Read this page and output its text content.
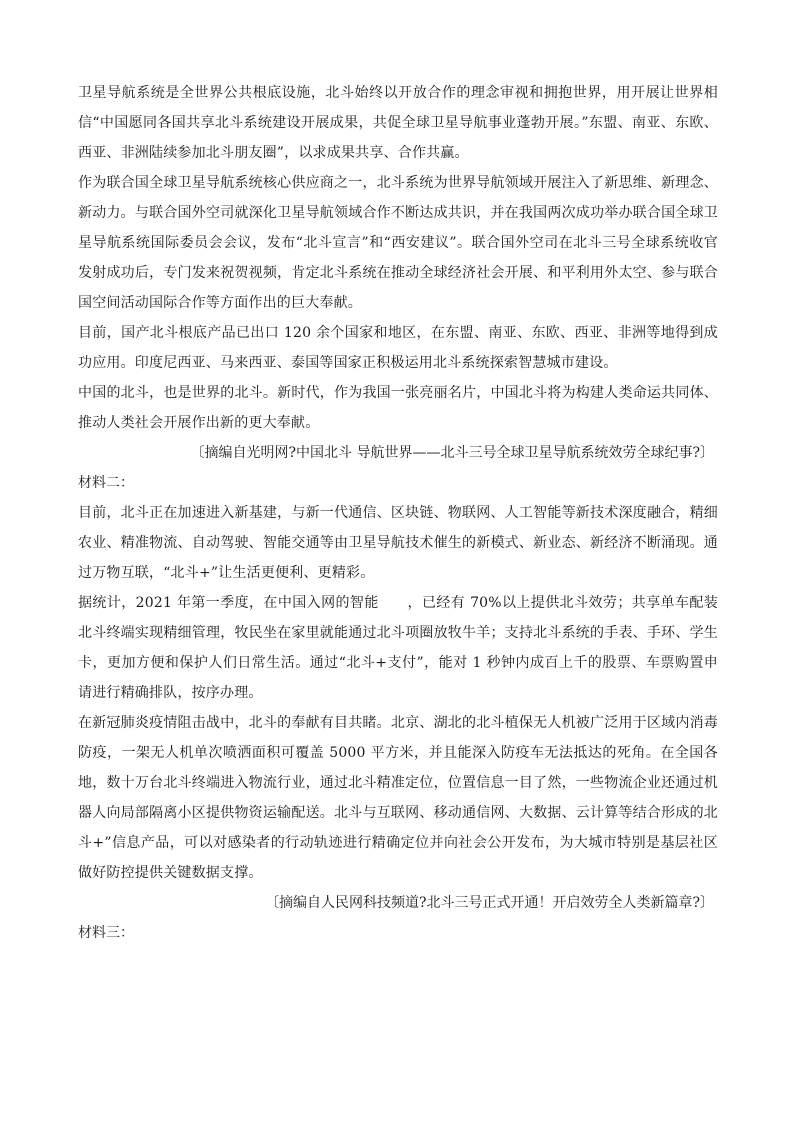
卫星导航系统是全世界公共根底设施，北斗始终以开放合作的理念审视和拥抱世界，用开展让世界相信“中国愿同各国共享北斗系统建设开展成果，共促全球卫星导航事业蓬勃开展。”东盟、南亚、东欧、西亚、非洲陆续参加北斗朋友圈”，以求成果共享、合作共赢。

作为联合国全球卫星导航系统核心供应商之一，北斗系统为世界导航领域开展注入了新思维、新理念、新动力。与联合国外空司就深化卫星导航领域合作不断达成共识，并在我国两次成功举办联合国全球卫星导航系统国际委员会会议，发布“北斗宣言”和“西安建议”。联合国外空司在北斗三号全球系统收官发射成功后，专门发来祝贺视频，肯定北斗系统在推动全球经济社会开展、和平利用外太空、参与联合国空间活动国际合作等方面作出的巨大奉献。

目前，国产北斗根底产品已出口 120 余个国家和地区，在东盟、南亚、东欧、西亚、非洲等地得到成功应用。印度尼西亚、马来西亚、泰国等国家正积极运用北斗系统探索智慧城市建设。

中国的北斗，也是世界的北斗。新时代，作为我国一张亮丽名片，中国北斗将为构建人类命运共同体、推动人类社会开展作出新的更大奉献。

〔摘编自光明网?中国北斗 导航世界——北斗三号全球卫星导航系统效劳全球纪事?〕

材料二：

目前，北斗正在加速进入新基建，与新一代通信、区块链、物联网、人工智能等新技术深度融合，精细农业、精准物流、自动驾驶、智能交通等由卫星导航技术催生的新模式、新业态、新经济不断涌现。通过万物互联，“北斗+”让生活更便利、更精彩。

据统计，2021 年第一季度，在中国入网的智能　　，已经有 70%以上提供北斗效劳；共享单车配装北斗终端实现精细管理，牧民坐在家里就能通过北斗项圈放牧牛羊；支持北斗系统的手表、手环、学生卡，更加方便和保护人们日常生活。通过“北斗+支付”，能对 1 秒钟内成百上千的股票、车票购置申请进行精确排队，按序办理。

在新冠肺炎疫情阻击战中，北斗的奉献有目共睹。北京、湖北的北斗植保无人机被广泛用于区域内消毒防疫，一架无人机单次喷洒面积可覆盖 5000 平方米，并且能深入防疫车无法抵达的死角。在全国各地，数十万台北斗终端进入物流行业，通过北斗精准定位，位置信息一目了然，一些物流企业还通过机器人向局部隔离小区提供物资运输配送。北斗与互联网、移动通信网、大数据、云计算等结合形成的北斗+”信息产品，可以对感染者的行动轨迹进行精确定位并向社会公开发布，为大城市特别是基层社区做好防控提供关键数据支撑。

〔摘编自人民网科技频道?北斗三号正式开通！开启效劳全人类新篇章?〕

材料三：
